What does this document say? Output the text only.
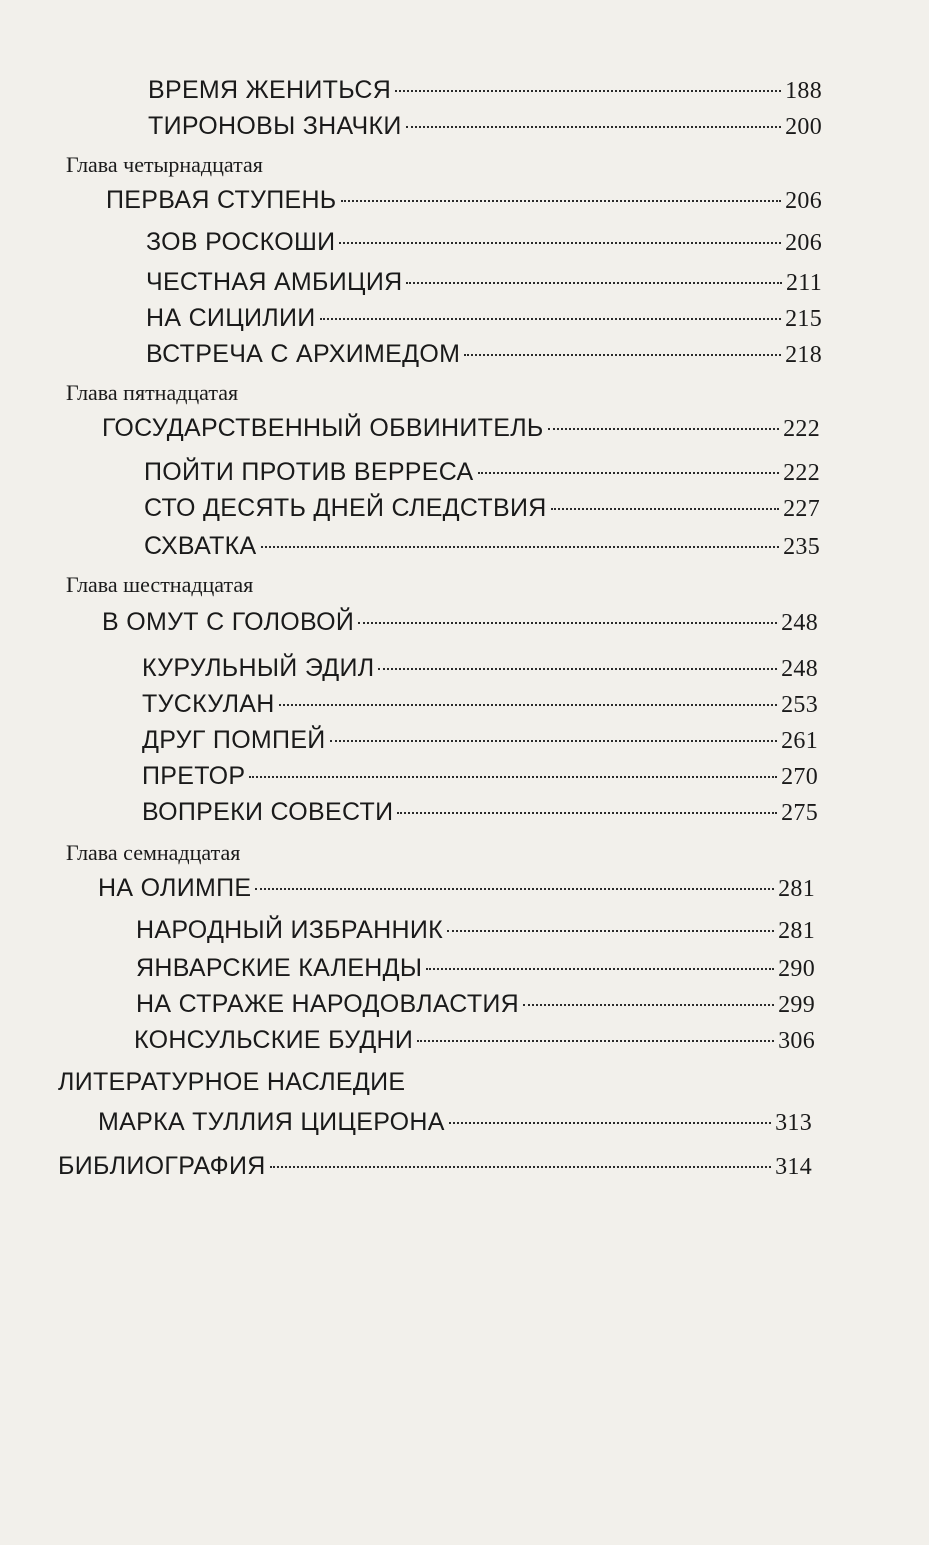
ВРЕМЯ ЖЕНИТЬСЯ	188
ТИРОНОВЫ ЗНАЧКИ	200
Глава четырнадцатая
ПЕРВАЯ СТУПЕНЬ	206
ЗОВ РОСКОШИ	206
ЧЕСТНАЯ АМБИЦИЯ	211
НА СИЦИЛИИ	215
ВСТРЕЧА С АРХИМЕДОМ	218
Глава пятнадцатая
ГОСУДАРСТВЕННЫЙ ОБВИНИТЕЛЬ	222
ПОЙТИ ПРОТИВ ВЕРРЕСА	222
СТО ДЕСЯТЬ ДНЕЙ СЛЕДСТВИЯ	227
СХВАТКА	235
Глава шестнадцатая
В ОМУТ С ГОЛОВОЙ	248
КУРУЛЬНЫЙ ЭДИЛ	248
ТУСКУЛАН	253
ДРУГ ПОМПЕЙ	261
ПРЕТОР	270
ВОПРЕКИ СОВЕСТИ	275
Глава семнадцатая
НА ОЛИМПЕ	281
НАРОДНЫЙ ИЗБРАННИК	281
ЯНВАРСКИЕ КАЛЕНДЫ	290
НА СТРАЖЕ НАРОДОВЛАСТИЯ	299
КОНСУЛЬСКИЕ БУДНИ	306
ЛИТЕРАТУРНОЕ НАСЛЕДИЕ
МАРКА ТУЛЛИЯ ЦИЦЕРОНА	313
БИБЛИОГРАФИЯ	314
